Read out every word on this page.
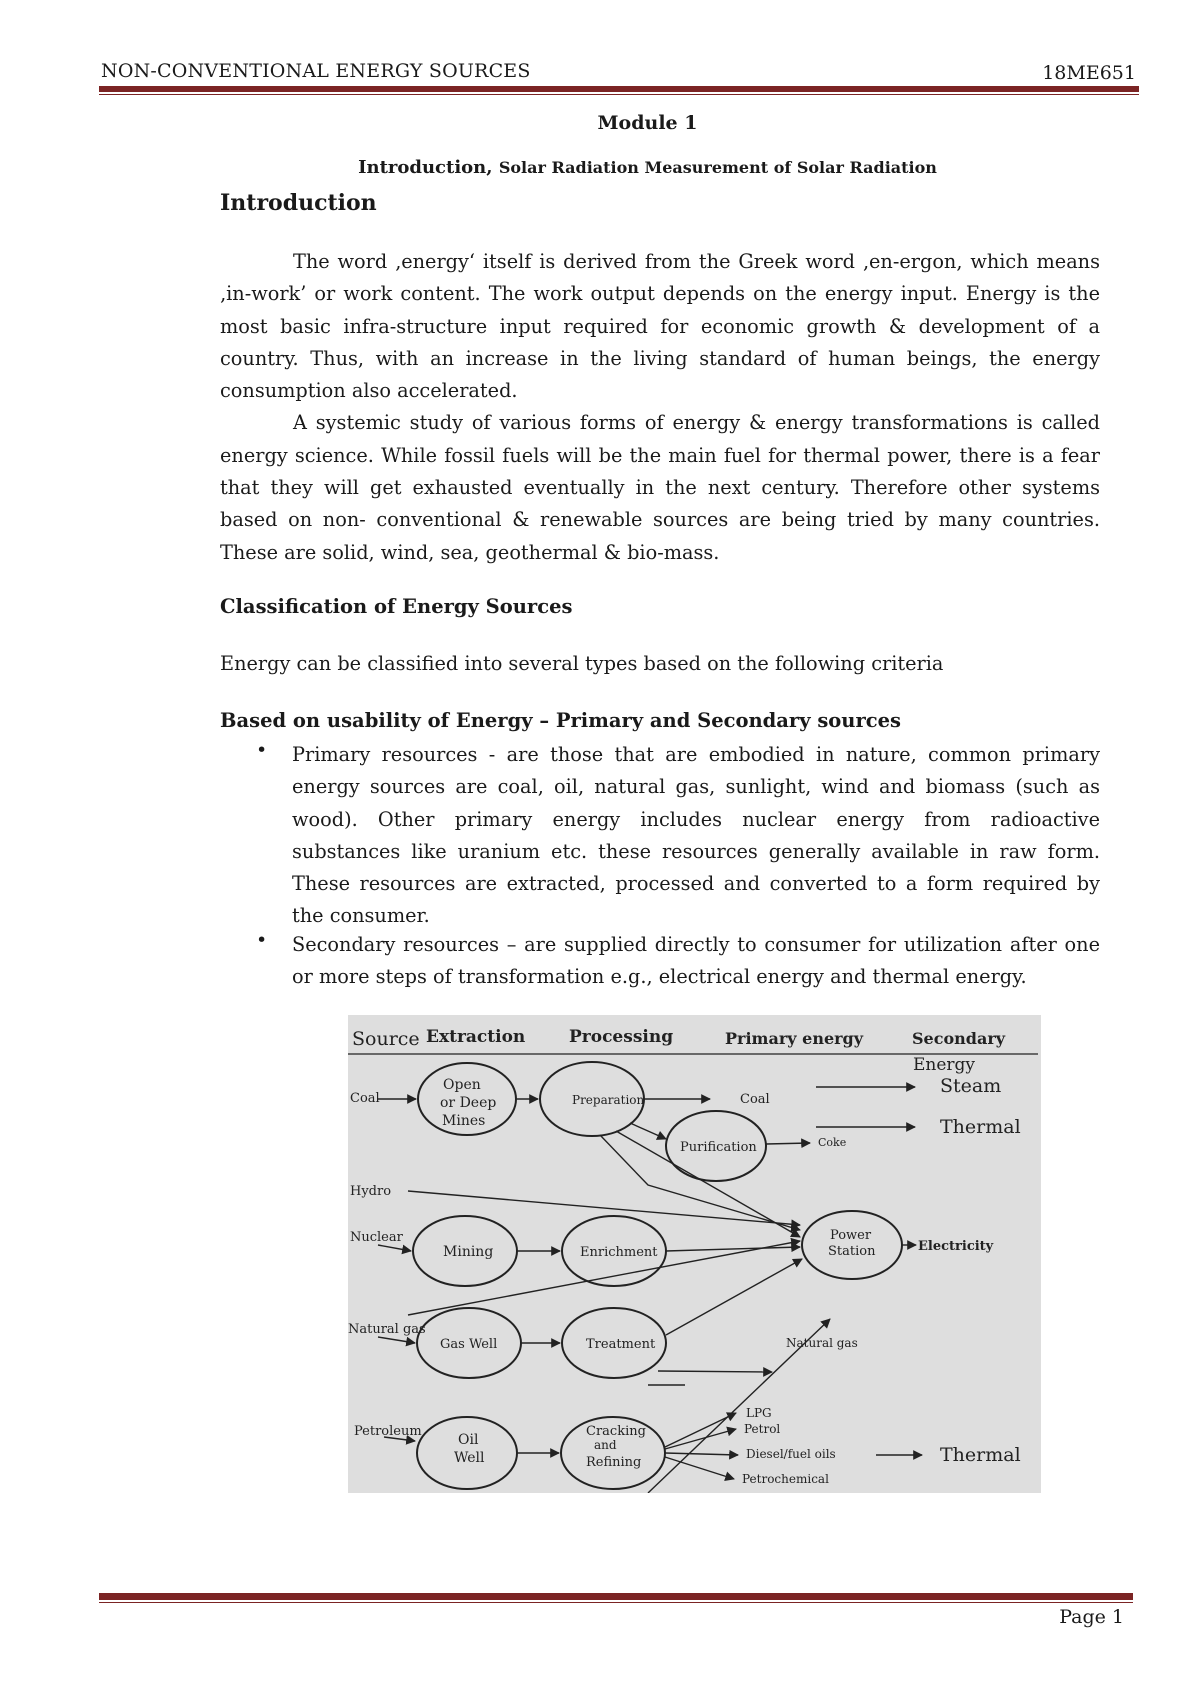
NON-CONVENTIONAL ENERGY SOURCES	18ME651
Module 1
Introduction, Solar Radiation Measurement of Solar Radiation
Introduction

The word ‚energy‘ itself is derived from the Greek word ‚en-ergon, which means ‚in-work’ or work content. The work output depends on the energy input. Energy is the most basic infra-structure input required for economic growth & development of a country. Thus, with an increase in the living standard of human beings, the energy consumption also accelerated.

A systemic study of various forms of energy & energy transformations is called energy science. While fossil fuels will be the main fuel for thermal power, there is a fear that they will get exhausted eventually in the next century. Therefore other systems based on non- conventional & renewable sources are being tried by many countries. These are solid, wind, sea, geothermal & bio-mass.

Classification of Energy Sources
Energy can be classified into several types based on the following criteria
Based on usability of Energy – Primary and Secondary sources
• Primary resources - are those that are embodied in nature, common primary energy sources are coal, oil, natural gas, sunlight, wind and biomass (such as wood). Other primary energy includes nuclear energy from radioactive substances like uranium etc. these resources generally available in raw form. These resources are extracted, processed and converted to a form required by the consumer.
• Secondary resources – are supplied directly to consumer for utilization after one or more steps of transformation e.g., electrical energy and thermal energy.
Source Extraction	Processing	Primary energy	Secondary
Energy
Coal
Hydro
Nuclear
Natural gas
Petroleum
Open
or Deep
Mines
Preparation
Purification
Mining	Enrichment
Power
Station
Gas Well	Treatment
Oil
Well
Cracking
and
Refining
Coal
Coke
Natural gas
LPG
Petrol
Diesel/fuel oils
Petrochemical
Steam
Thermal
Electricity
Thermal
Page 1
